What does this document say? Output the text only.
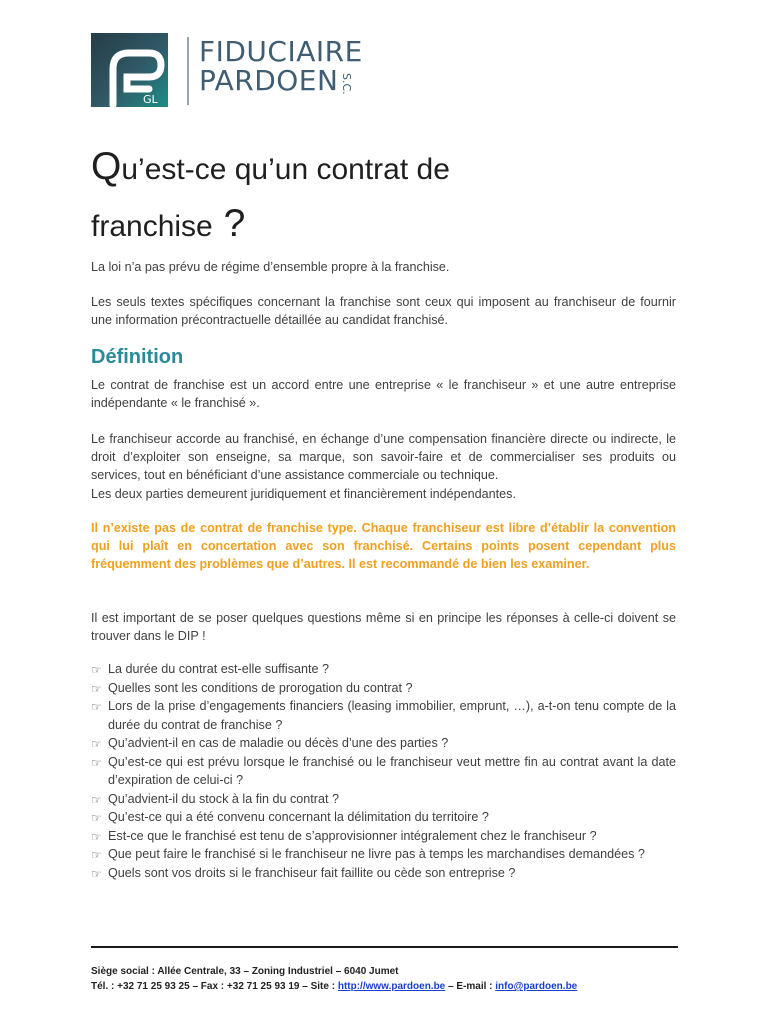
GL
FIDUCIAIRE
PARDOEN S.C.
Qu’est-ce qu’un contrat de
franchise ?

La loi n’a pas prévu de régime d’ensemble propre à la franchise.

Les seuls textes spécifiques concernant la franchise sont ceux qui imposent au franchiseur de fournir une information précontractuelle détaillée au candidat franchisé.

Définition

Le contrat de franchise est un accord entre une entreprise « le franchiseur » et une autre entreprise indépendante « le franchisé ».

Le franchiseur accorde au franchisé, en échange d’une compensation financière directe ou indirecte, le droit d’exploiter son enseigne, sa marque, son savoir-faire et de commercialiser ses produits ou services, tout en bénéficiant d’une assistance commerciale ou technique.

Les deux parties demeurent juridiquement et financièrement indépendantes.

Il n’existe pas de contrat de franchise type. Chaque franchiseur est libre d’établir la convention qui lui plaît en concertation avec son franchisé. Certains points posent cependant plus fréquemment des problèmes que d’autres. Il est recommandé de bien les examiner.

Il est important de se poser quelques questions même si en principe les réponses à celle-ci doivent se trouver dans le DIP !

☞ La durée du contrat est-elle suffisante ?
☞ Quelles sont les conditions de prorogation du contrat ?
☞ Lors de la prise d’engagements financiers (leasing immobilier, emprunt, …), a-t-on tenu compte de la durée du contrat de franchise ?
☞ Qu’advient-il en cas de maladie ou décès d’une des parties ?
☞ Qu’est-ce qui est prévu lorsque le franchisé ou le franchiseur veut mettre fin au contrat avant la date d’expiration de celui-ci ?
☞ Qu’advient-il du stock à la fin du contrat ?
☞ Qu’est-ce qui a été convenu concernant la délimitation du territoire ?
☞ Est-ce que le franchisé est tenu de s’approvisionner intégralement chez le franchiseur ?
☞ Que peut faire le franchisé si le franchiseur ne livre pas à temps les marchandises demandées ?
☞ Quels sont vos droits si le franchiseur fait faillite ou cède son entreprise ?
Siège social : Allée Centrale, 33 – Zoning Industriel – 6040 Jumet
Tél. : +32 71 25 93 25 – Fax : +32 71 25 93 19 – Site : http://www.pardoen.be – E-mail : info@pardoen.be
